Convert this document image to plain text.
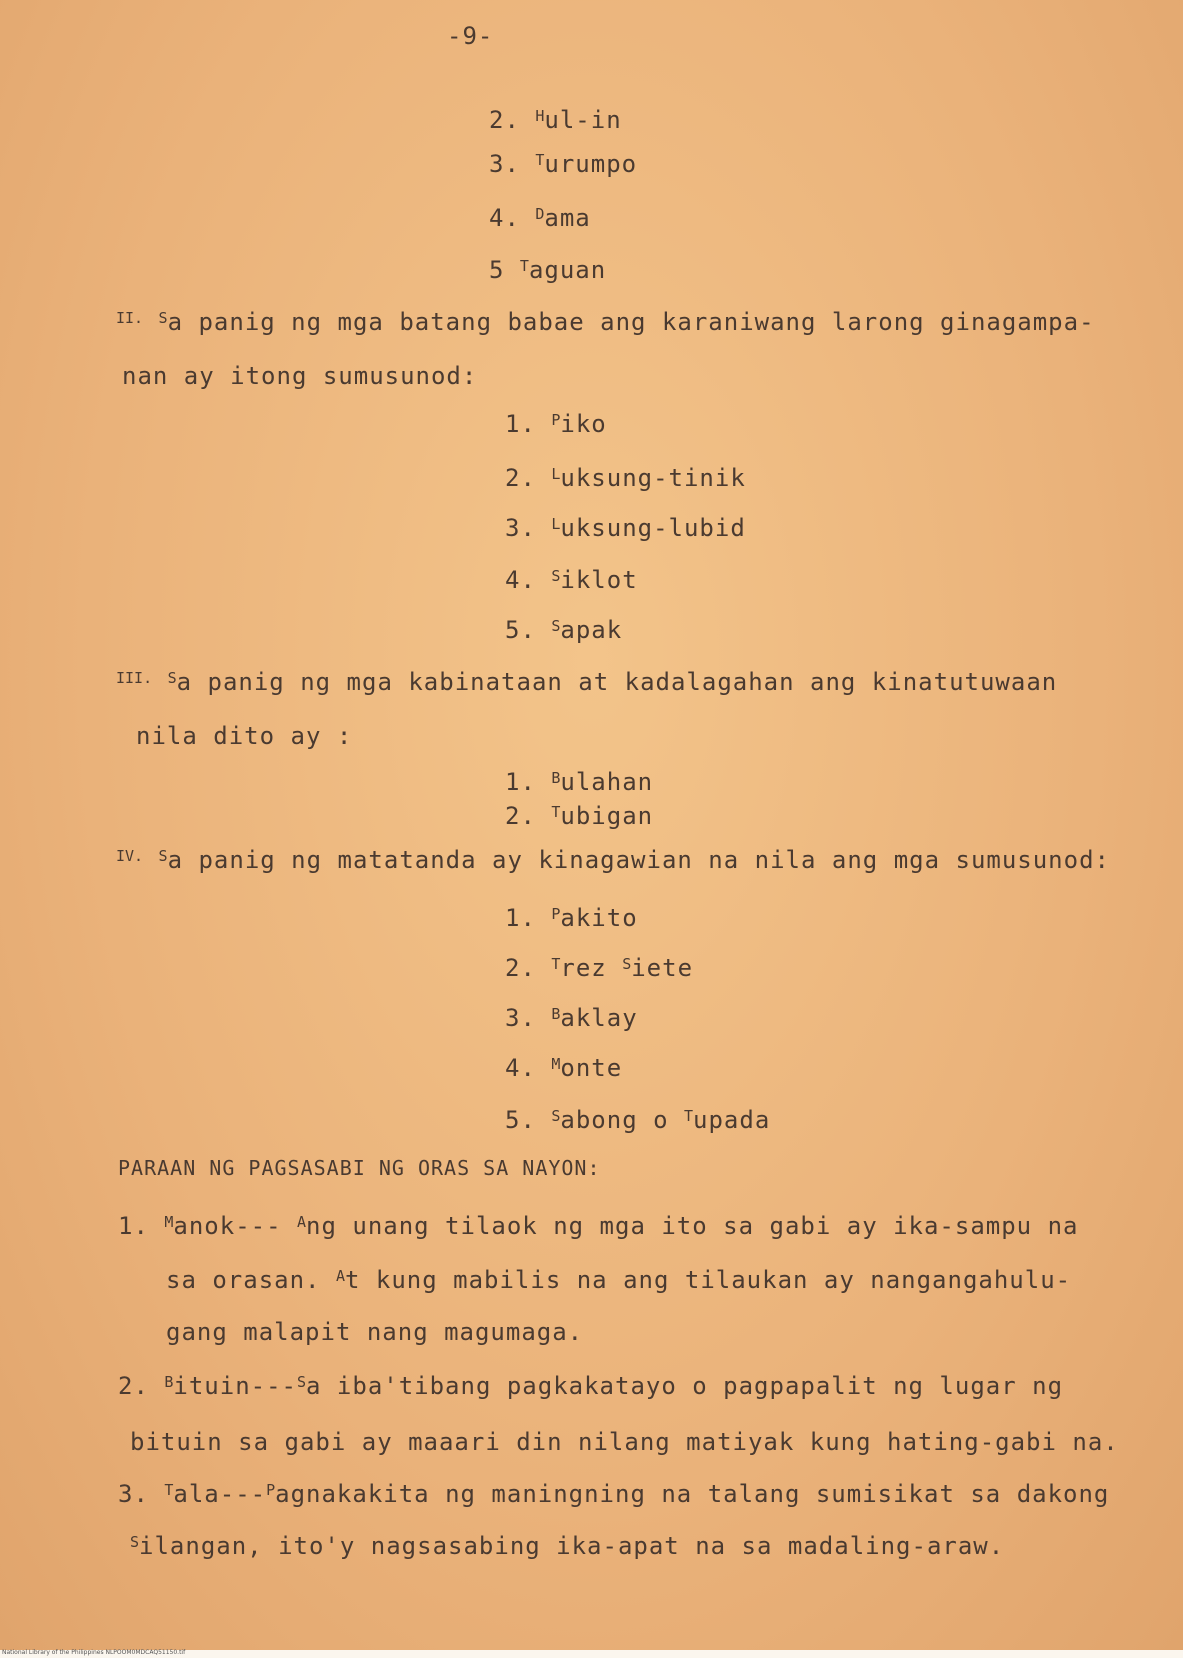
-9-
2. $^H$ul-in
3. $^T$urumpo
4. $^D$ama
5 $^T$aguan
$^{II.}$ $^S$a panig ng mga batang babae ang karaniwang larong ginagampa-
nan ay itong sumusunod:
1. $^P$iko
2. $^L$uksung-tinik
3. $^L$uksung-lubid
4. $^S$iklot
5. $^S$apak
$^{III.}$ $^S$a panig ng mga kabinataan at kadalagahan ang kinatutuwaan
nila dito ay :
1. $^B$ulahan
2. $^T$ubigan
$^{IV.}$ $^S$a panig ng matatanda ay kinagawian na nila ang mga sumusunod:
1. $^P$akito
2. $^T$rez $^S$iete
3. $^B$aklay
4. $^M$onte
5. $^S$abong o $^T$upada
PARAAN NG PAGSASABI NG ORAS SA NAYON:
1. $^M$anok--- $^A$ng unang tilaok ng mga ito sa gabi ay ika-sampu na
sa orasan. $^A$t kung mabilis na ang tilaukan ay nangangahulu-
gang malapit nang magumaga.
2. $^B$ituin---$^S$a iba'tibang pagkakatayo o pagpapalit ng lugar ng
bituin sa gabi ay maaari din nilang matiyak kung hating-gabi na.
3. $^T$ala---$^P$agnakakita ng maningning na talang sumisikat sa dakong
$^S$ilangan, ito'y nagsasabing ika-apat na sa madaling-araw.
National Library of the Philippines NLPOOM0MDCAQ51150.tif
